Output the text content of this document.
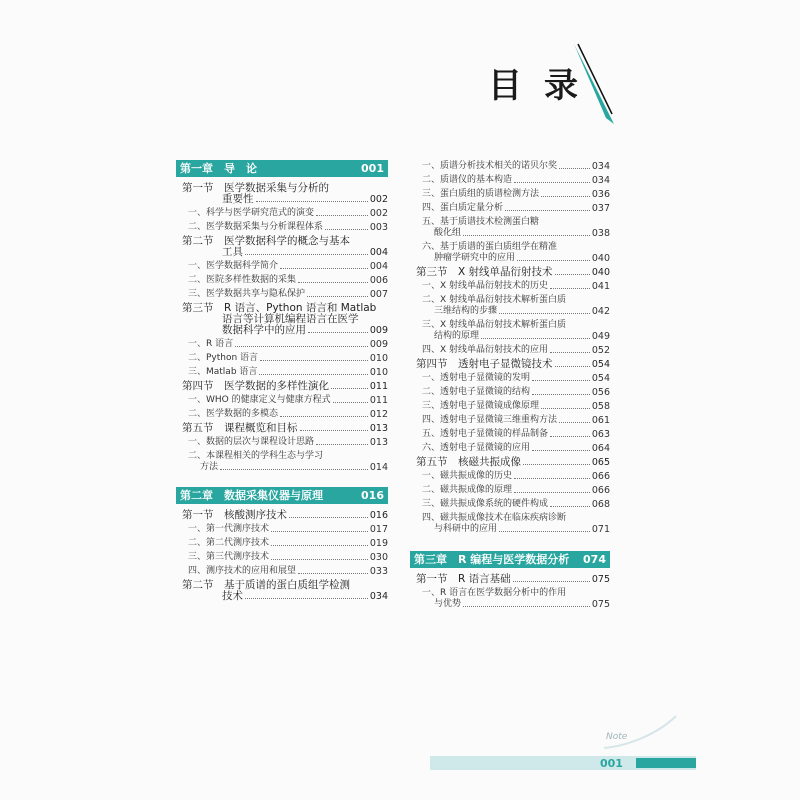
目录
第一章　导　论	001
第一节　医学数据采集与分析的
重要性	002
一、科学与医学研究范式的演变	002
二、医学数据采集与分析课程体系	003
第二节　医学数据科学的概念与基本
工具	004
一、医学数据科学简介	004
二、医院多样性数据的采集	006
三、医学数据共享与隐私保护	007
第三节　R 语言、Python 语言和 Matlab
语言等计算机编程语言在医学
数据科学中的应用	009
一、R 语言	009
二、Python 语言	010
三、Matlab 语言	010
第四节　医学数据的多样性演化	011
一、WHO 的健康定义与健康方程式	011
二、医学数据的多模态	012
第五节　课程概览和目标	013
一、数据的层次与课程设计思路	013
二、本课程相关的学科生态与学习
方法	014
第二章　数据采集仪器与原理	016
第一节　核酸测序技术	016
一、第一代测序技术	017
二、第二代测序技术	019
三、第三代测序技术	030
四、测序技术的应用和展望	033
第二节　基于质谱的蛋白质组学检测
技术	034
一、质谱分析技术相关的诺贝尔奖	034
二、质谱仪的基本构造	034
三、蛋白质组的质谱检测方法	036
四、蛋白质定量分析	037
五、基于质谱技术检测蛋白糖
酸化组	038
六、基于质谱的蛋白质组学在精准
肿瘤学研究中的应用	040
第三节　X 射线单晶衍射技术	040
一、X 射线单晶衍射技术的历史	041
二、X 射线单晶衍射技术解析蛋白质
三维结构的步骤	042
三、X 射线单晶衍射技术解析蛋白质
结构的原理	049
四、X 射线单晶衍射技术的应用	052
第四节　透射电子显微镜技术	054
一、透射电子显微镜的发明	054
二、透射电子显微镜的结构	056
三、透射电子显微镜成像原理	058
四、透射电子显微镜三维重构方法	061
五、透射电子显微镜的样品制备	063
六、透射电子显微镜的应用	064
第五节　核磁共振成像	065
一、磁共振成像的历史	066
二、磁共振成像的原理	066
三、磁共振成像系统的硬件构成	068
四、磁共振成像技术在临床疾病诊断
与科研中的应用	071
第三章　R 编程与医学数据分析 074
第一节　R 语言基础	075
一、R 语言在医学数据分析中的作用
与优势	075
Note
001
